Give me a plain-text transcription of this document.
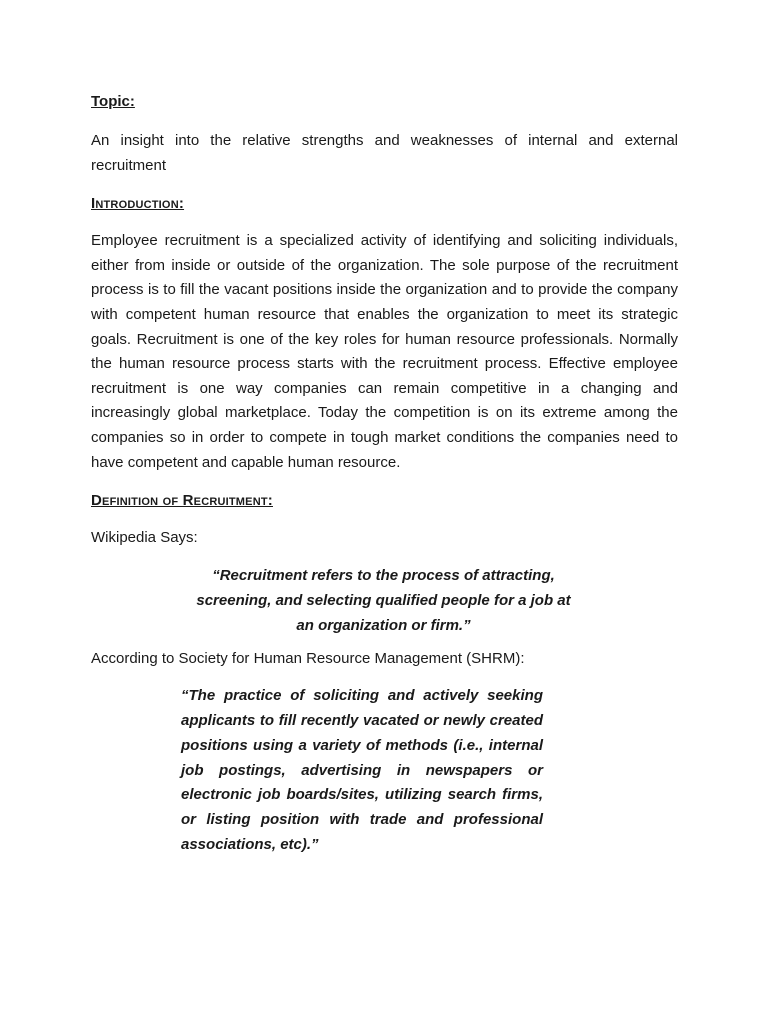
Topic:

An insight into the relative strengths and weaknesses of internal and external recruitment

Introduction:

Employee recruitment is a specialized activity of identifying and soliciting individuals, either from inside or outside of the organization. The sole purpose of the recruitment process is to fill the vacant positions inside the organization and to provide the company with competent human resource that enables the organization to meet its strategic goals. Recruitment is one of the key roles for human resource professionals. Normally the human resource process starts with the recruitment process. Effective employee recruitment is one way companies can remain competitive in a changing and increasingly global marketplace. Today the competition is on its extreme among the companies so in order to compete in tough market conditions the companies need to have competent and capable human resource.

Definition of Recruitment:
Wikipedia Says:
“Recruitment refers to the process of attracting, screening, and selecting qualified people for a job at an organization or firm.”
According to Society for Human Resource Management (SHRM):
“The practice of soliciting and actively seeking applicants to fill recently vacated or newly created positions using a variety of methods (i.e., internal job postings, advertising in newspapers or electronic job boards/sites, utilizing search firms, or listing position with trade and professional associations, etc).”
